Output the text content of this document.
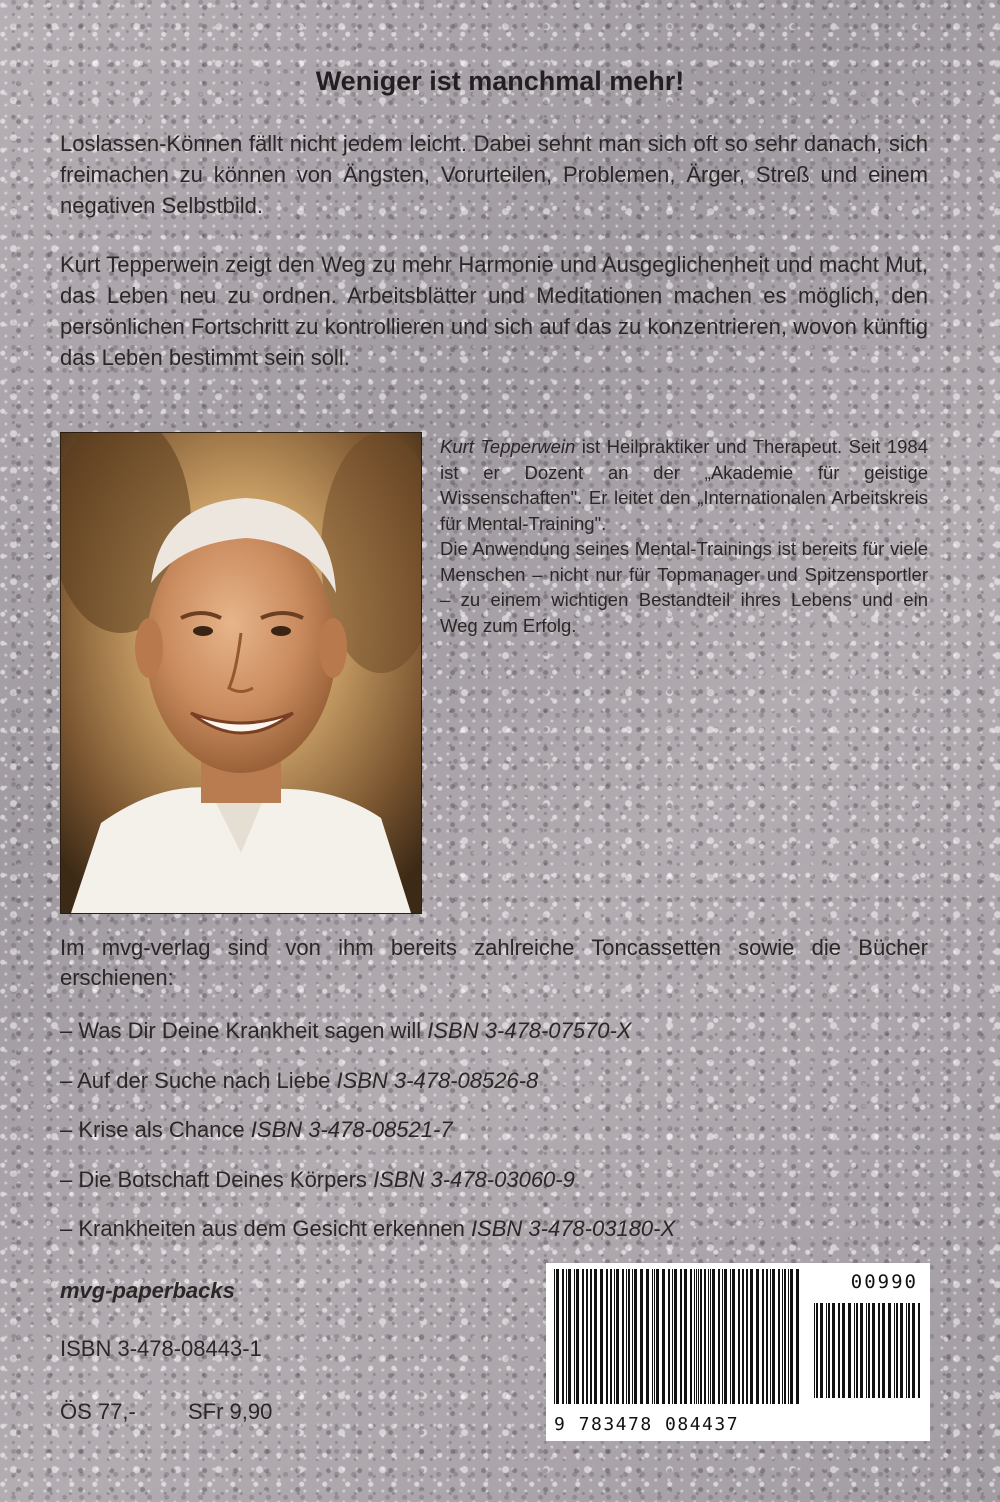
Weniger ist manchmal mehr!

Loslassen-Können fällt nicht jedem leicht. Dabei sehnt man sich oft so sehr danach, sich freimachen zu können von Ängsten, Vorurteilen, Problemen, Ärger, Streß und einem negativen Selbstbild.

Kurt Tepperwein zeigt den Weg zu mehr Harmonie und Ausgeglichenheit und macht Mut, das Leben neu zu ordnen. Arbeitsblätter und Meditationen machen es möglich, den persönlichen Fortschritt zu kontrollieren und sich auf das zu konzentrieren, wovon künftig das Leben bestimmt sein soll.

Kurt Tepperwein ist Heilpraktiker und Therapeut. Seit 1984 ist er Dozent an der „Akademie für geistige Wissenschaften". Er leitet den „Internationalen Arbeitskreis für Mental-Training".

Die Anwendung seines Mental-Trainings ist bereits für viele Menschen – nicht nur für Topmanager und Spitzensportler – zu einem wichtigen Bestandteil ihres Lebens und ein Weg zum Erfolg.

Im mvg-verlag sind von ihm bereits zahlreiche Toncassetten sowie die Bücher erschienen:

– Was Dir Deine Krankheit sagen will ISBN 3-478-07570-X
– Auf der Suche nach Liebe ISBN 3-478-08526-8
– Krise als Chance ISBN 3-478-08521-7
– Die Botschaft Deines Körpers ISBN 3-478-03060-9
– Krankheiten aus dem Gesicht erkennen ISBN 3-478-03180-X
mvg-paperbacks
ISBN 3-478-08443-1
ÖS 77,- SFr 9,90
00990
9 783478 084437
